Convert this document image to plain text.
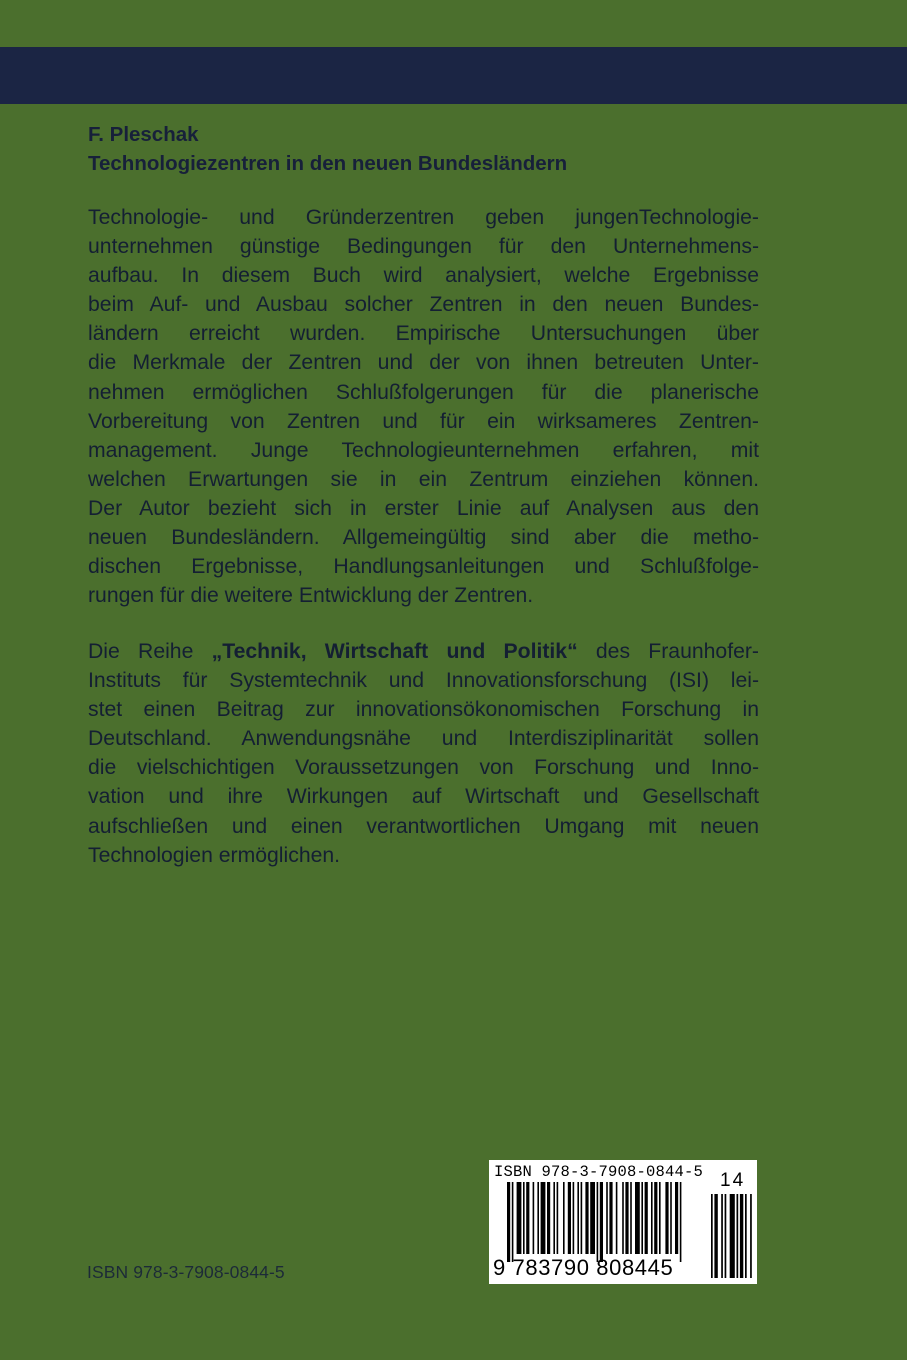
F. Pleschak
Technologiezentren in den neuen Bundesländern
Technologie- und Gründerzentren geben jungenTechnologie-
unternehmen günstige Bedingungen für den Unternehmens-
aufbau. In diesem Buch wird analysiert, welche Ergebnisse
beim Auf- und Ausbau solcher Zentren in den neuen Bundes-
ländern erreicht wurden. Empirische Untersuchungen über
die Merkmale der Zentren und der von ihnen betreuten Unter-
nehmen ermöglichen Schlußfolgerungen für die planerische
Vorbereitung von Zentren und für ein wirksameres Zentren-
management. Junge Technologieunternehmen erfahren, mit
welchen Erwartungen sie in ein Zentrum einziehen können.
Der Autor bezieht sich in erster Linie auf Analysen aus den
neuen Bundesländern. Allgemeingültig sind aber die metho-
dischen Ergebnisse, Handlungsanleitungen und Schlußfolge-
rungen für die weitere Entwicklung der Zentren.
Die Reihe „Technik, Wirtschaft und Politik“ des Fraunhofer-
Instituts für Systemtechnik und Innovationsforschung (ISI) lei-
stet einen Beitrag zur innovationsökonomischen Forschung in
Deutschland. Anwendungsnähe und Interdisziplinarität sollen
die vielschichtigen Voraussetzungen von Forschung und Inno-
vation und ihre Wirkungen auf Wirtschaft und Gesellschaft
aufschließen und einen verantwortlichen Umgang mit neuen
Technologien ermöglichen.
ISBN 978-3-7908-0844-5
ISBN 978-3-7908-0844-5 14
9 783790 808445
